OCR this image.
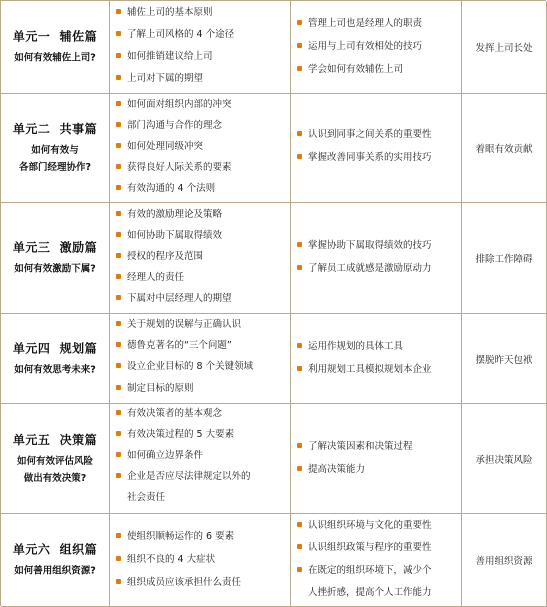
单元一  辅佐篇
如何有效辅佐上司?
辅佐上司的基本原则
了解上司风格的 4 个途径
如何推销建议给上司
上司对下属的期望
管理上司也是经理人的职责
运用与上司有效相处的技巧
学会如何有效辅佐上司
发挥上司长处
单元二  共事篇
如何有效与
各部门经理协作?
如何面对组织内部的冲突
部门沟通与合作的理念
如何处理同级冲突
获得良好人际关系的要素
有效沟通的 4 个法则
认识到同事之间关系的重要性
掌握改善同事关系的实用技巧
着眼有效贡献
单元三  激励篇
如何有效激励下属?
有效的激励理论及策略
如何协助下属取得绩效
授权的程序及范围
经理人的责任
下属对中层经理人的期望
掌握协助下属取得绩效的技巧
了解员工成就感是激励原动力
排除工作障碍
单元四  规划篇
如何有效思考未来?
关于规划的误解与正确认识
德鲁克著名的“三个问题”
设立企业目标的 8 个关键领域
制定目标的原则
运用作规划的具体工具
利用规划工具模拟规划本企业
摆脱昨天包袱
单元五  决策篇
如何有效评估风险
做出有效决策?
有效决策者的基本观念
有效决策过程的 5 大要素
如何确立边界条件
企业是否应尽法律规定以外的
社会责任
了解决策因素和决策过程
提高决策能力
承担决策风险
单元六  组织篇
如何善用组织资源?
使组织顺畅运作的 6 要素
组织不良的 4 大症状
组织成员应该承担什么责任
认识组织环境与文化的重要性
认识组织政策与程序的重要性
在既定的组织环境下，减少个
人挫折感，提高个人工作能力
善用组织资源
